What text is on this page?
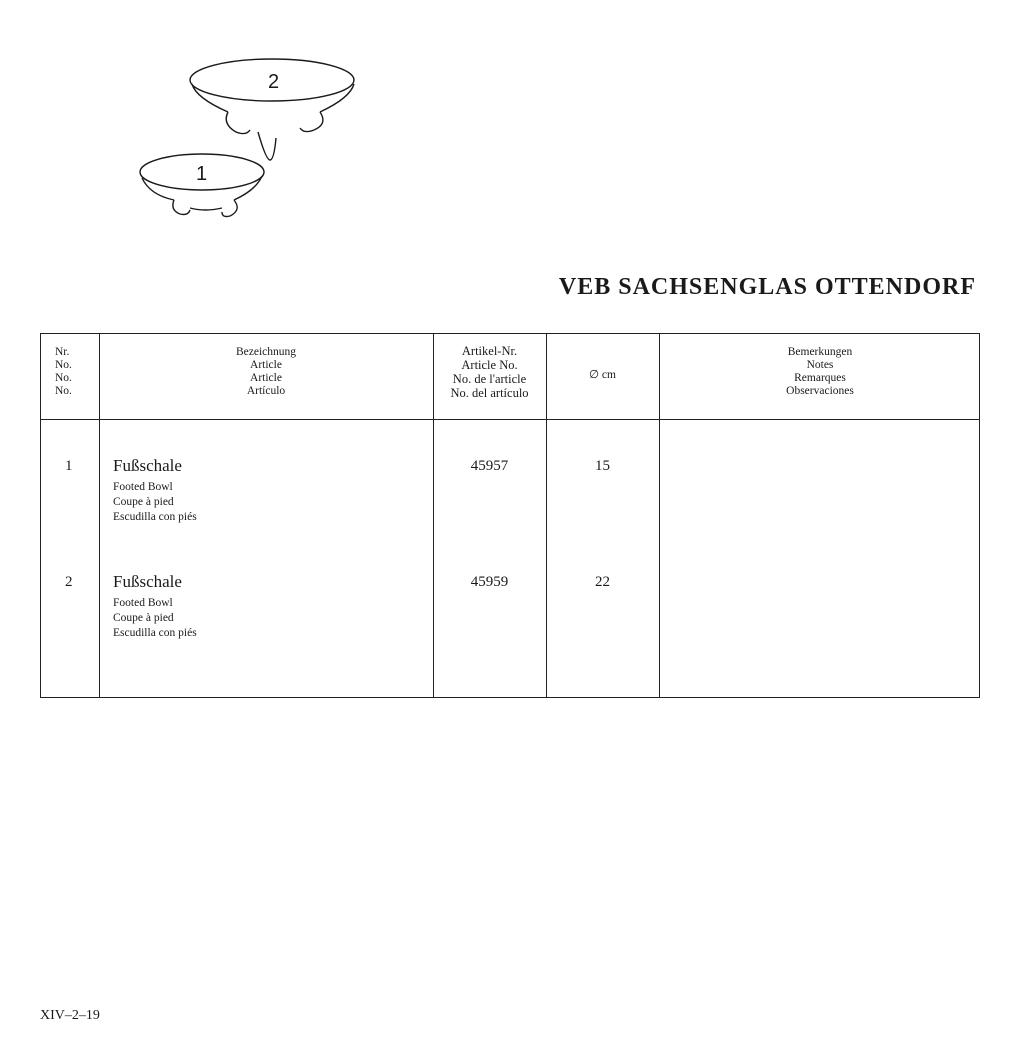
2
1
VEB SACHSENGLAS OTTENDORF
Nr.
No.
No.
No.
Bezeichnung
Article
Article
Artículo
Artikel-Nr.
Article No.
No. de l'article
No. del artículo
∅ cm
Bemerkungen
Notes
Remarques
Observaciones
1 Fußschale
Footed Bowl
Coupe à pied
Escudilla con piés
45957	15
2 Fußschale
Footed Bowl
Coupe à pied
Escudilla con piés
45959	22
XIV–2–19
